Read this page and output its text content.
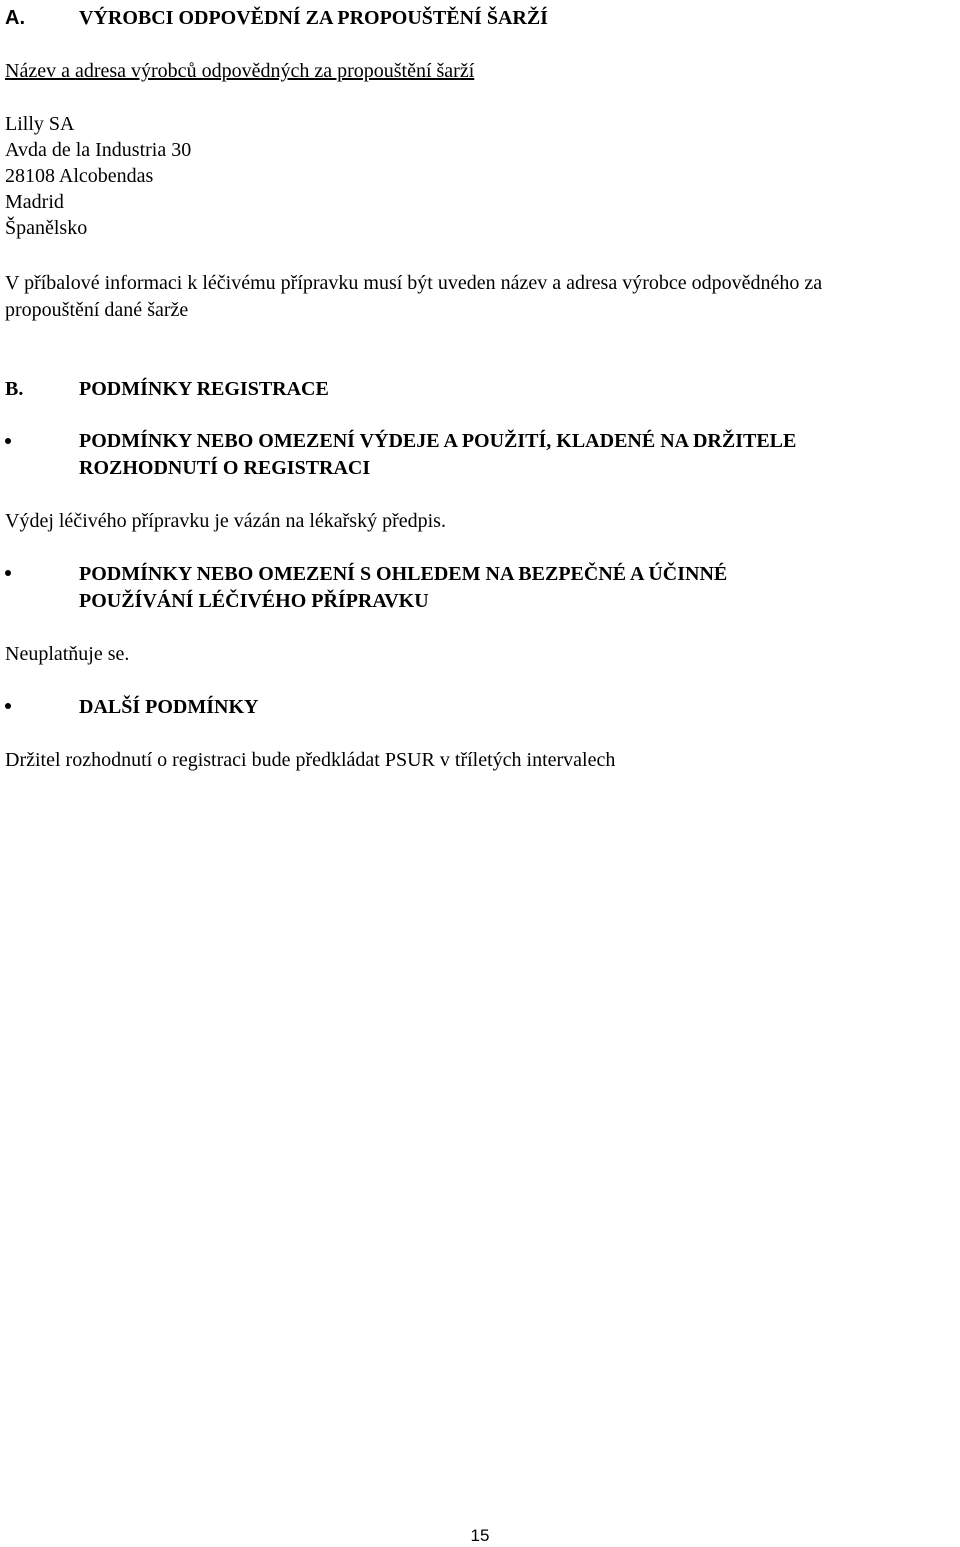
A.	VÝROBCI ODPOVĚDNÍ ZA PROPOUŠTĚNÍ ŠARŽÍ
Název a adresa výrobců odpovědných za propouštění šarží
Lilly SA
Avda de la Industria 30
28108 Alcobendas
Madrid
Španělsko
V příbalové informaci k léčivému přípravku musí být uveden název a adresa výrobce odpovědného za
propouštění dané šarže
B.	PODMÍNKY REGISTRACE
PODMÍNKY NEBO OMEZENÍ VÝDEJE A POUŽITÍ, KLADENÉ NA DRŽITELE
ROZHODNUTÍ O REGISTRACI
Výdej léčivého přípravku je vázán na lékařský předpis.
PODMÍNKY NEBO OMEZENÍ S OHLEDEM NA BEZPEČNÉ A ÚČINNÉ
POUŽÍVÁNÍ LÉČIVÉHO PŘÍPRAVKU
Neuplatňuje se.
DALŠÍ PODMÍNKY
Držitel rozhodnutí o registraci bude předkládat PSUR v tříletých intervalech
15
